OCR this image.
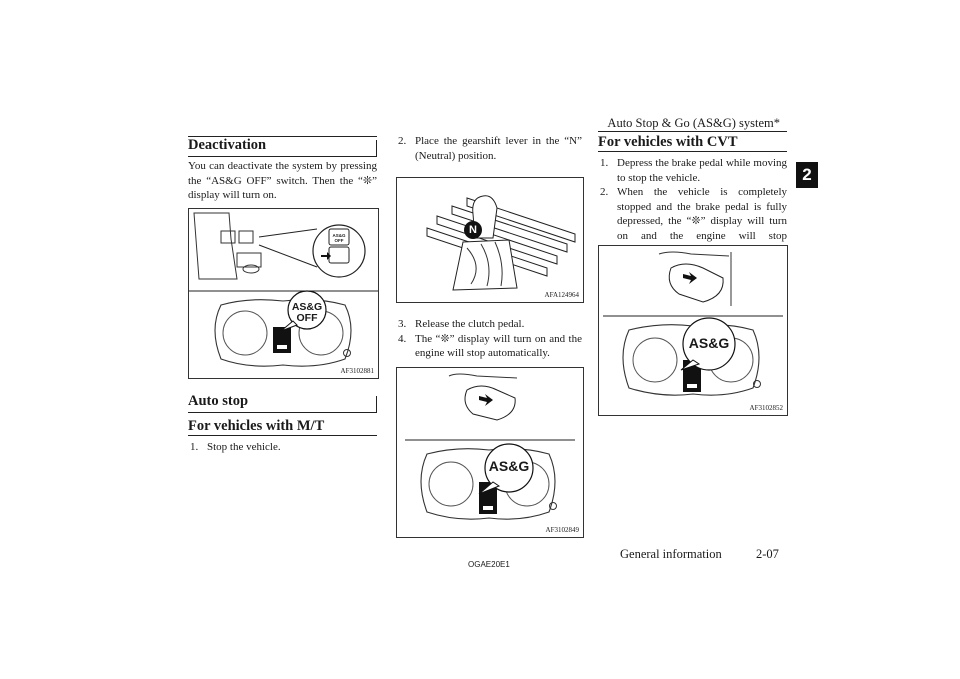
Auto Stop & Go (AS&G) system*
2
Deactivation
You can deactivate the system by pressing the “AS&G OFF” switch. Then the “❊” display will turn on.
AS&G
OFF
AS&G
OFF
AF3102881
Auto stop
For vehicles with M/T
1. Stop the vehicle.
2. Place the gearshift lever in the “N” (Neutral) position.
N
AFA124964
3. Release the clutch pedal.
4. The “❊” display will turn on and the engine will stop automatically.
AS&G
AF3102849
For vehicles with CVT
1. Depress the brake pedal while moving to stop the vehicle.
2. When the vehicle is completely stopped and the brake pedal is fully depressed, the “❊” display will turn on and the engine will stop
AS&G
AF3102852
OGAE20E1
General information	2-07
